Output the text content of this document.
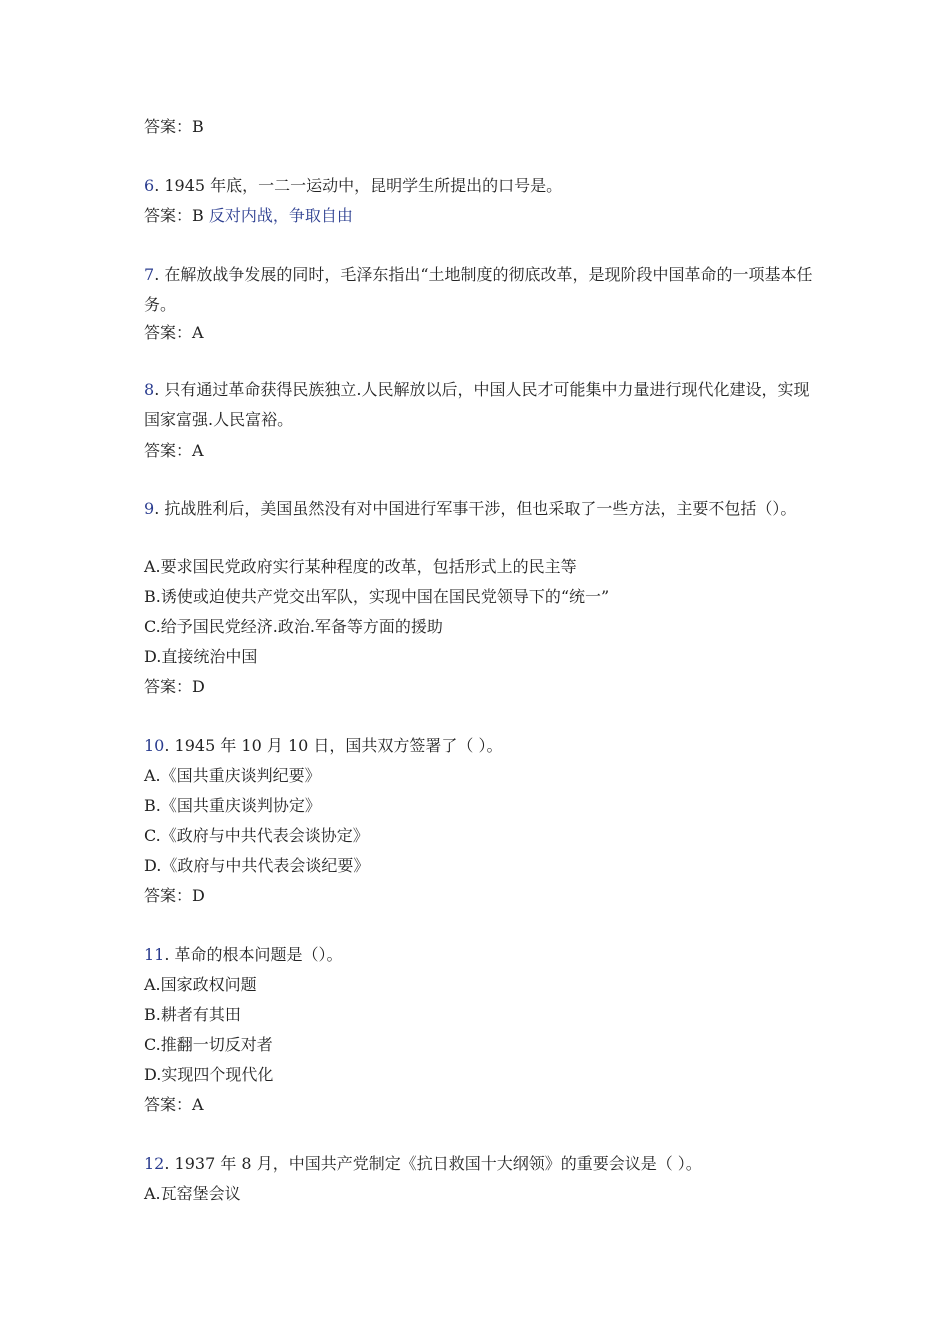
答案：B
6. 1945 年底，一二一运动中，昆明学生所提出的口号是。
答案：B 反对内战，争取自由
7. 在解放战争发展的同时，毛泽东指出“土地制度的彻底改革，是现阶段中国革命的一项基本任务。
答案：A
8. 只有通过革命获得民族独立.人民解放以后，中国人民才可能集中力量进行现代化建设，实现国家富强.人民富裕。
答案：A
9. 抗战胜利后，美国虽然没有对中国进行军事干涉，但也采取了一些方法，主要不包括（）。
A.要求国民党政府实行某种程度的改革，包括形式上的民主等
B.诱使或迫使共产党交出军队，实现中国在国民党领导下的“统一”
C.给予国民党经济.政治.军备等方面的援助
D.直接统治中国
答案：D
10. 1945 年 10 月 10 日，国共双方签署了（ ）。
A.《国共重庆谈判纪要》
B.《国共重庆谈判协定》
C.《政府与中共代表会谈协定》
D.《政府与中共代表会谈纪要》
答案：D
11. 革命的根本问题是（）。
A.国家政权问题
B.耕者有其田
C.推翻一切反对者
D.实现四个现代化
答案：A
12. 1937 年 8 月，中国共产党制定《抗日救国十大纲领》的重要会议是（ ）。
A.瓦窑堡会议
